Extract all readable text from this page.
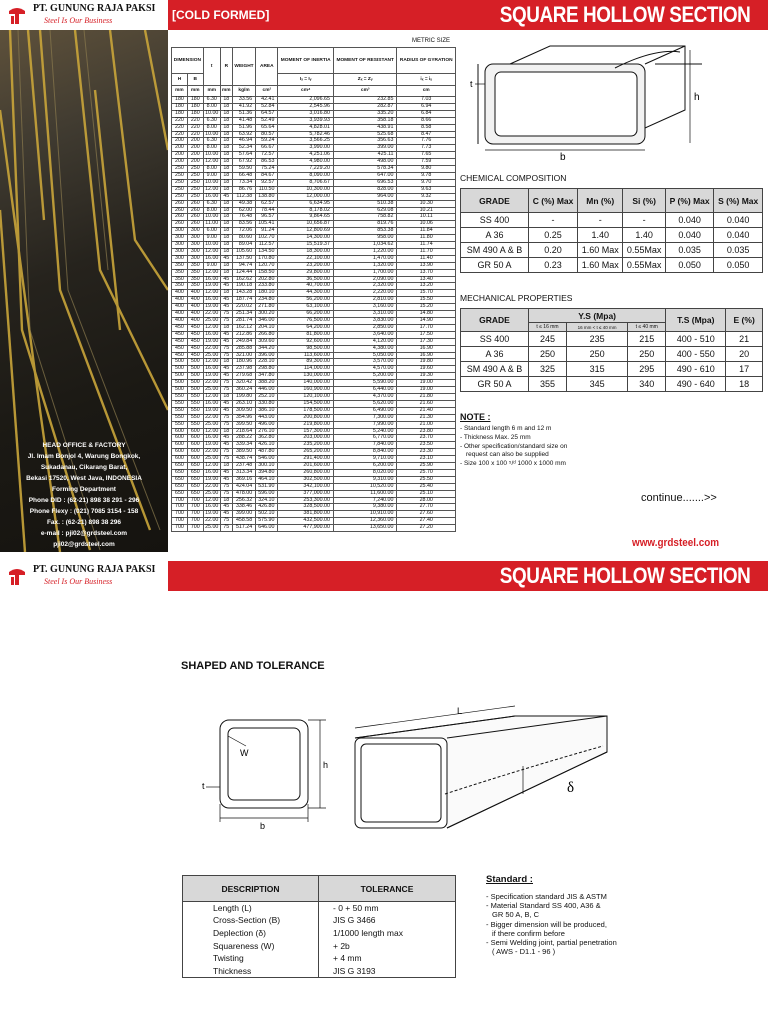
PT. GUNUNG RAJA PAKSI
Steel Is Our Business	[COLD FORMED]	SQUARE HOLLOW SECTION
HEAD OFFICE & FACTORY
Jl. Imam Bonjol 4, Warung Bongkok,
Sukadanau, Cikarang Barat,
Bekasi 17520, West Java, INDONESIA
Forming Department
Phone DID : (62-21) 898 38 291 - 296
Phone Flexy : (021) 7085 3154 - 158
Fax. : (62-21) 898 38 296
e-mail : pji02@grdsteel.com
pji02@grdsteel.com
METRIC SIZE
DIMENSION		t	R	WEIGHT	AREA	MOMENT OF INERTIA	MOMENT OF RESISTANT	RADIUS OF GYRATION
H	B					Iₓ = Iᵧ	Zₓ = Zᵧ	iₓ = iᵧ
mm	mm	mm	mm	kg/m	cm²	cm⁴	cm³	cm
180	180	6.30	18	33.56	42.41	2,096.65	232.85	7.03
180	180	8.00	18	41.92	52.84	2,545.96	282.87	6.94
180	180	10.00	18	51.36	64.57	3,016.80	335.20	6.84
220	220	6.30	18	41.48	52.49	3,939.93	358.18	8.66
220	220	8.00	18	51.96	65.64	4,828.01	438.91	8.58
220	220	10.00	18	63.92	80.57	5,782.46	525.68	8.47
200	200	6.30	18	46.94	59.24	3,566.25	356.63	7.76
200	200	8.00	18	52.34	66.67	3,990.00	399.00	7.73
200	200	10.00	18	57.64	72.57	4,251.06	425.11	7.65
200	200	12.00	18	67.92	86.53	4,980.00	498.00	7.59
250	250	8.00	18	59.50	75.24	7,229.20	578.34	9.80
250	250	9.00	18	66.48	84.67	8,090.00	647.00	9.78
250	250	10.00	18	73.34	92.57	8,706.67	696.53	9.70
250	250	12.00	18	86.76	110.50	10,300.00	828.00	9.63
250	250	16.00	45	112.38	138.80	12,000.00	964.00	9.32
260	260	6.30	18	49.38	62.57	6,634.95	510.38	10.30
260	260	8.00	18	62.00	78.44	8,178.02	629.08	10.21
260	260	10.00	18	76.48	96.57	9,864.65	758.82	10.11
260	260	11.00	18	83.56	105.41	10,656.87	819.76	10.06
300	300	6.00	18	72.06	91.24	12,800.69	853.38	11.84
300	300	9.00	18	80.60	102.70	14,300.00	958.00	11.80
300	300	10.00	18	89.04	112.57	15,519.37	1,034.62	11.74
300	300	12.00	18	105.60	134.50	18,300.00	1,220.00	11.70
300	300	16.00	45	137.50	170.80	22,100.00	1,470.00	11.40
350	350	9.00	18	94.74	120.70	23,200.00	1,320.00	13.90
350	350	12.00	18	124.44	158.50	29,800.00	1,700.00	13.70
350	350	16.00	45	162.62	202.80	36,500.00	2,090.00	13.40
350	350	19.00	45	190.18	233.80	40,700.00	2,320.00	13.20
400	400	12.00	18	143.28	180.10	44,300.00	2,220.00	15.70
400	400	16.00	45	187.74	234.80	56,200.00	2,810.00	15.50
400	400	19.00	45	220.02	271.80	63,100.00	3,160.00	15.20
400	400	22.00	75	251.34	300.20	66,200.00	3,310.00	14.80
400	400	25.00	75	281.74	346.00	76,500.00	3,830.00	14.90
450	450	12.00	18	162.12	204.10	64,200.00	2,850.00	17.70
450	450	16.00	45	212.86	266.80	81,800.00	3,640.00	17.50
450	450	19.00	45	249.84	309.60	92,600.00	4,120.00	17.30
450	450	22.00	75	285.88	344.20	98,500.00	4,380.00	16.90
450	450	25.00	75	321.00	396.00	113,600.00	5,050.00	16.90
500	500	12.00	18	180.96	228.10	89,300.00	3,570.00	19.80
500	500	16.00	45	237.98	298.80	114,000.00	4,570.00	19.60
500	500	19.00	45	279.68	347.80	130,000.00	5,200.00	19.30
500	500	22.00	75	320.42	388.20	140,000.00	5,590.00	19.00
500	500	25.00	75	360.24	446.00	160,900.00	6,440.00	19.00
550	550	12.00	18	199.80	252.10	120,100.00	4,370.00	21.80
550	550	16.00	45	263.10	330.80	154,500.00	5,620.00	21.60
550	550	19.00	45	309.50	386.10	178,500.00	6,490.00	21.40
550	550	22.00	75	354.96	443.00	200,800.00	7,300.00	21.30
550	550	25.00	75	399.50	496.00	219,800.00	7,990.00	21.00
600	600	12.00	18	218.64	276.10	157,300.00	5,240.00	23.80
600	600	16.00	45	288.22	362.80	203,000.00	6,770.00	23.70
600	600	19.00	45	339.34	426.10	235,200.00	7,840.00	23.50
600	600	22.00	75	389.50	487.80	265,200.00	8,840.00	23.30
600	600	25.00	75	438.74	546.00	291,400.00	9,710.00	23.10
650	650	12.00	18	237.48	300.10	201,600.00	6,200.00	25.90
650	650	16.00	45	313.34	394.80	260,800.00	8,020.00	25.70
650	650	19.00	45	369.16	464.10	302,500.00	9,310.00	25.50
650	650	22.00	75	424.04	531.90	342,100.00	10,520.00	25.40
650	650	25.00	75	478.00	596.00	377,000.00	11,600.00	25.10
700	700	12.00	18	256.32	324.10	253,300.00	7,240.00	28.00
700	700	16.00	45	338.46	426.80	328,500.00	9,380.00	27.70
700	700	19.00	45	399.00	502.10	381,800.00	10,910.00	27.60
700	700	22.00	75	458.58	575.90	432,500.00	12,360.00	27.40
700	700	25.00	75	517.24	646.00	477,900.00	13,650.00	27.20
t
h
b
CHEMICAL COMPOSITION
GRADE	C (%) Max	Mn (%)	Si (%)	P (%) Max	S (%) Max
SS 400	-	-	-	0.040	0.040
A 36	0.25	1.40	1.40	0.040	0.040
SM 490 A & B	0.20	1.60 Max	0.55Max	0.035	0.035
GR 50 A	0.23	1.60 Max	0.55Max	0.050	0.050
MECHANICAL PROPERTIES
GRADE	Y.S (Mpa)			T.S (Mpa)	E (%)
	t ≤ 16 mm	16 mm < t ≤ 40 mm	t ≤ 40 mm		
SS 400	245	235	215	400 - 510	21
A 36	250	250	250	400 - 550	20
SM 490 A & B	325	315	295	490 - 610	17
GR 50 A	355	345	340	490 - 640	18
NOTE :
- Standard length 6 m and 12 m
- Thickness Max. 25 mm
- Other specification/standard size on
request can also be supplied
- Size 100 x 100 ⁵/ᵈ 1000 x 1000 mm
continue.......>>
www.grdsteel.com
PT. GUNUNG RAJA PAKSI
Steel Is Our Business	SQUARE HOLLOW SECTION
SHAPED AND TOLERANCE
W
h
b
t
L
δ
DESCRIPTION	TOLERANCE
Length (L)	- 0 + 50 mm
Cross-Section (B)	JIS G 3466
Deplection (δ)	1/1000 length max
Squareness (W)	+ 2b
Twisting	+ 4 mm
Thickness	JIS G 3193
Standard :
- Specification standard JIS & ASTM
- Material Standard SS 400, A36 &
GR 50 A, B, C
- Bigger dimension will be produced,
if there confirm before
- Semi Welding joint, partial penetration
( AWS - D1.1 - 96 )
